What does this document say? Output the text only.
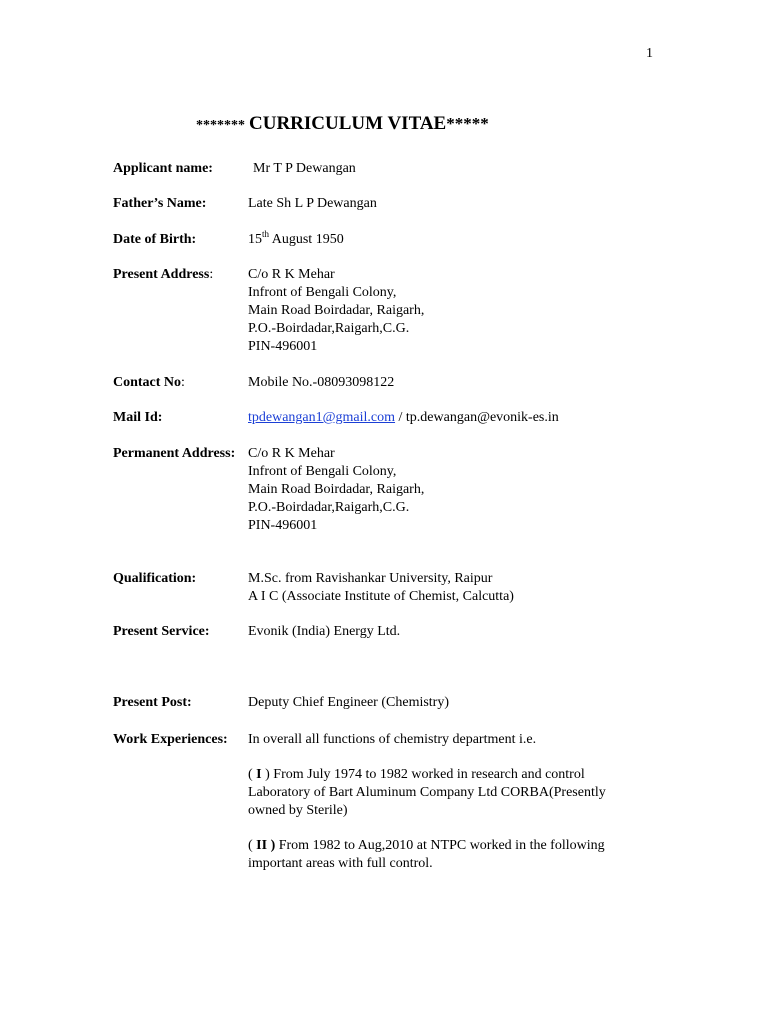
1
******* CURRICULUM VITAE*****
Applicant name:	Mr T P Dewangan
Father’s Name:	Late Sh L P Dewangan
Date of Birth:	15th August 1950
Present Address: C/o R K Mehar
Infront of Bengali Colony,
Main Road Boirdadar, Raigarh,
P.O.-Boirdadar,Raigarh,C.G.
PIN-496001
Contact No:	Mobile No.-08093098122
Mail Id:	tpdewangan1@gmail.com / tp.dewangan@evonik-es.in
Permanent Address: C/o R K Mehar
Infront of Bengali Colony,
Main Road Boirdadar, Raigarh,
P.O.-Boirdadar,Raigarh,C.G.
PIN-496001
Qualification:	M.Sc. from Ravishankar University, Raipur
A I C (Associate Institute of Chemist, Calcutta)
Present Service:	Evonik (India) Energy Ltd.
Present Post:	Deputy Chief Engineer (Chemistry)
Work Experiences: In overall all functions of chemistry department i.e.
( I ) From July 1974 to 1982 worked in research and control
Laboratory of Bart Aluminum Company Ltd CORBA(Presently
owned by Sterile)
( II ) From 1982 to Aug,2010 at NTPC worked in the following
important areas with full control.
